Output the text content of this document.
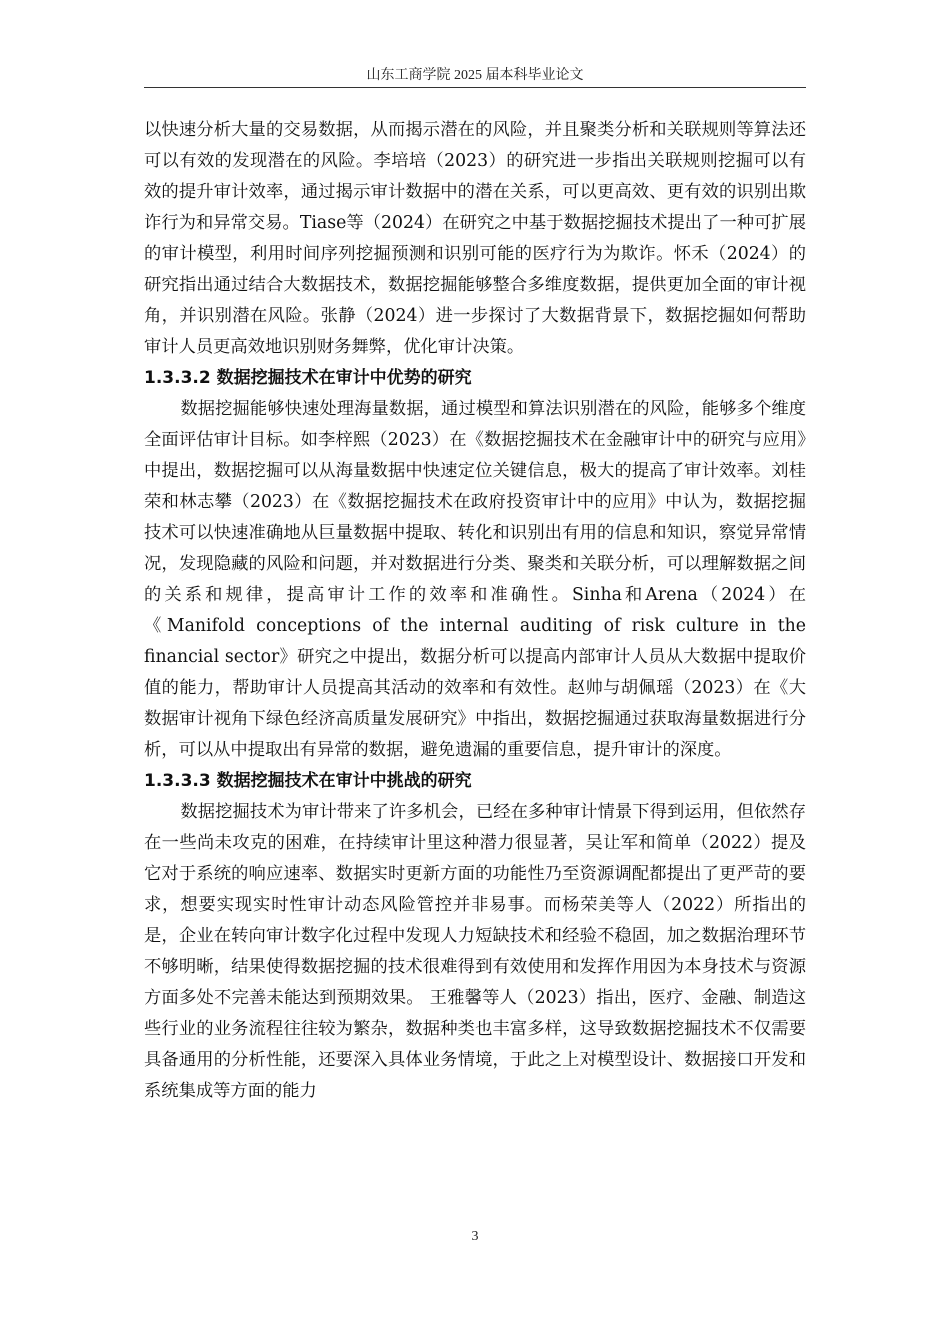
山东工商学院 2025 届本科毕业论文

以快速分析大量的交易数据，从而揭示潜在的风险，并且聚类分析和关联规则等算法还可以有效的发现潜在的风险。李培培（2023）的研究进一步指出关联规则挖掘可以有效的提升审计效率，通过揭示审计数据中的潜在关系，可以更高效、更有效的识别出欺诈行为和异常交易。Tiase等（2024）在研究之中基于数据挖掘技术提出了一种可扩展的审计模型，利用时间序列挖掘预测和识别可能的医疗行为为欺诈。怀禾（2024）的研究指出通过结合大数据技术，数据挖掘能够整合多维度数据，提供更加全面的审计视角，并识别潜在风险。张静（2024）进一步探讨了大数据背景下，数据挖掘如何帮助审计人员更高效地识别财务舞弊，优化审计决策。

1.3.3.2 数据挖掘技术在审计中优势的研究

数据挖掘能够快速处理海量数据，通过模型和算法识别潜在的风险，能够多个维度全面评估审计目标。如李梓熙（2023）在《数据挖掘技术在金融审计中的研究与应用》中提出，数据挖掘可以从海量数据中快速定位关键信息，极大的提高了审计效率。刘桂荣和林志攀（2023）在《数据挖掘技术在政府投资审计中的应用》中认为，数据挖掘技术可以快速准确地从巨量数据中提取、转化和识别出有用的信息和知识，察觉异常情况，发现隐藏的风险和问题，并对数据进行分类、聚类和关联分析，可以理解数据之间的关系和规律，提高审计工作的效率和准确性。Sinha和Arena（2024）在《Manifold conceptions of the internal auditing of risk culture in the financial sector》研究之中提出，数据分析可以提高内部审计人员从大数据中提取价值的能力，帮助审计人员提高其活动的效率和有效性。赵帅与胡佩瑶（2023）在《大数据审计视角下绿色经济高质量发展研究》中指出，数据挖掘通过获取海量数据进行分析，可以从中提取出有异常的数据，避免遗漏的重要信息，提升审计的深度。

1.3.3.3 数据挖掘技术在审计中挑战的研究

数据挖掘技术为审计带来了许多机会，已经在多种审计情景下得到运用，但依然存在一些尚未攻克的困难，在持续审计里这种潜力很显著，吴让军和简单（2022）提及它对于系统的响应速率、数据实时更新方面的功能性乃至资源调配都提出了更严苛的要求，想要实现实时性审计动态风险管控并非易事。而杨荣美等人（2022）所指出的是，企业在转向审计数字化过程中发现人力短缺技术和经验不稳固，加之数据治理环节不够明晰，结果使得数据挖掘的技术很难得到有效使用和发挥作用因为本身技术与资源方面多处不完善未能达到预期效果。 王雅馨等人（2023）指出，医疗、金融、制造这些行业的业务流程往往较为繁杂，数据种类也丰富多样，这导致数据挖掘技术不仅需要具备通用的分析性能，还要深入具体业务情境，于此之上对模型设计、数据接口开发和系统集成等方面的能力

3
